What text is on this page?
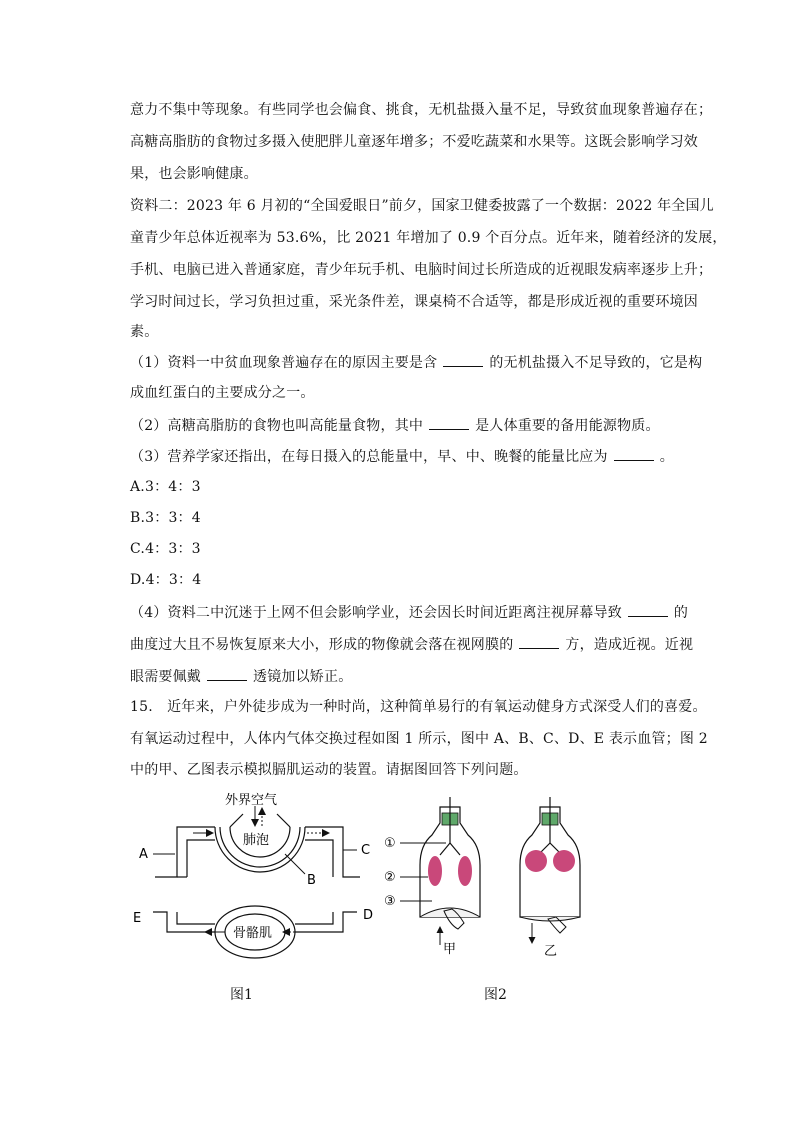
意力不集中等现象。有些同学也会偏食、挑食，无机盐摄入量不足，导致贫血现象普遍存在；
高糖高脂肪的食物过多摄入使肥胖儿童逐年增多；不爱吃蔬菜和水果等。这既会影响学习效
果，也会影响健康。
资料二：2023 年 6 月初的“全国爱眼日”前夕，国家卫健委披露了一个数据：2022 年全国儿
童青少年总体近视率为 53.6%，比 2021 年增加了 0.9 个百分点。近年来，随着经济的发展，
手机、电脑已进入普通家庭，青少年玩手机、电脑时间过长所造成的近视眼发病率逐步上升；
学习时间过长，学习负担过重，采光条件差，课桌椅不合适等，都是形成近视的重要环境因
素。
（1）资料一中贫血现象普遍存在的原因主要是含	的无机盐摄入不足导致的，它是构
成血红蛋白的主要成分之一。
（2）高糖高脂肪的食物也叫高能量食物，其中	是人体重要的备用能源物质。
（3）营养学家还指出，在每日摄入的总能量中，早、中、晚餐的能量比应为	。
A.3：4：3
B.3：3：4
C.4：3：3
D.4：3：4
（4）资料二中沉迷于上网不但会影响学业，还会因长时间近距离注视屏幕导致	的
曲度过大且不易恢复原来大小，形成的物像就会落在视网膜的	方，造成近视。近视
眼需要佩戴	透镜加以矫正。
15.　近年来，户外徒步成为一种时尚，这种简单易行的有氧运动健身方式深受人们的喜爱。
有氧运动过程中，人体内气体交换过程如图 1 所示，图中 A、B、C、D、E 表示血管；图 2
中的甲、乙图表示模拟膈肌运动的装置。请据图回答下列问题。
外界空气
肺泡
A	C
B
骨骼肌
E	D
图1
甲
①
②
③
乙
图2
